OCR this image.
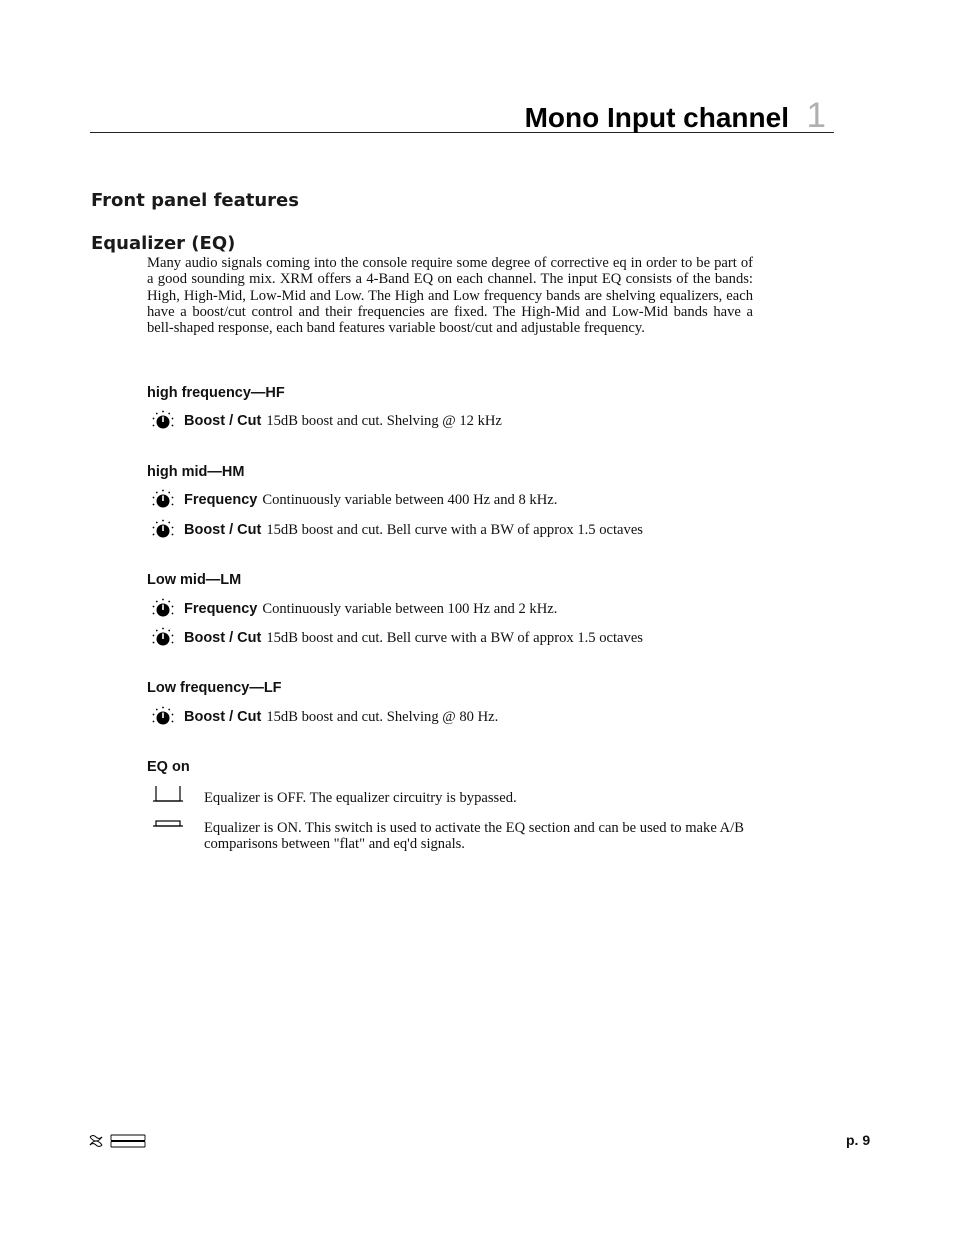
Mono Input channel 1
Front panel features
Equalizer (EQ)
Many audio signals coming into the console require some degree of corrective eq in order to be part of a good sounding mix. XRM offers a 4-Band EQ on each channel. The input EQ consists of the bands: High, High-Mid, Low-Mid and Low. The High and Low frequency bands are shelving equalizers, each have a boost/cut control and their frequencies are fixed. The High-Mid and Low-Mid bands have a bell-shaped response, each band features variable boost/cut and adjustable frequency.
high frequency—HF
Boost / Cut 15dB boost and cut. Shelving @ 12 kHz
high mid—HM
Frequency Continuously variable between 400 Hz and 8 kHz.
Boost / Cut 15dB boost and cut. Bell curve with a BW of approx 1.5 octaves
Low mid—LM
Frequency Continuously variable between 100 Hz and 2 kHz.
Boost / Cut 15dB boost and cut. Bell curve with a BW of approx 1.5 octaves
Low frequency—LF
Boost / Cut 15dB boost and cut. Shelving @ 80 Hz.
EQ on
Equalizer is OFF. The equalizer circuitry is bypassed.
Equalizer is ON. This switch is used to activate the EQ section and can be used to make A/B comparisons between "flat" and eq'd signals.
p. 9
